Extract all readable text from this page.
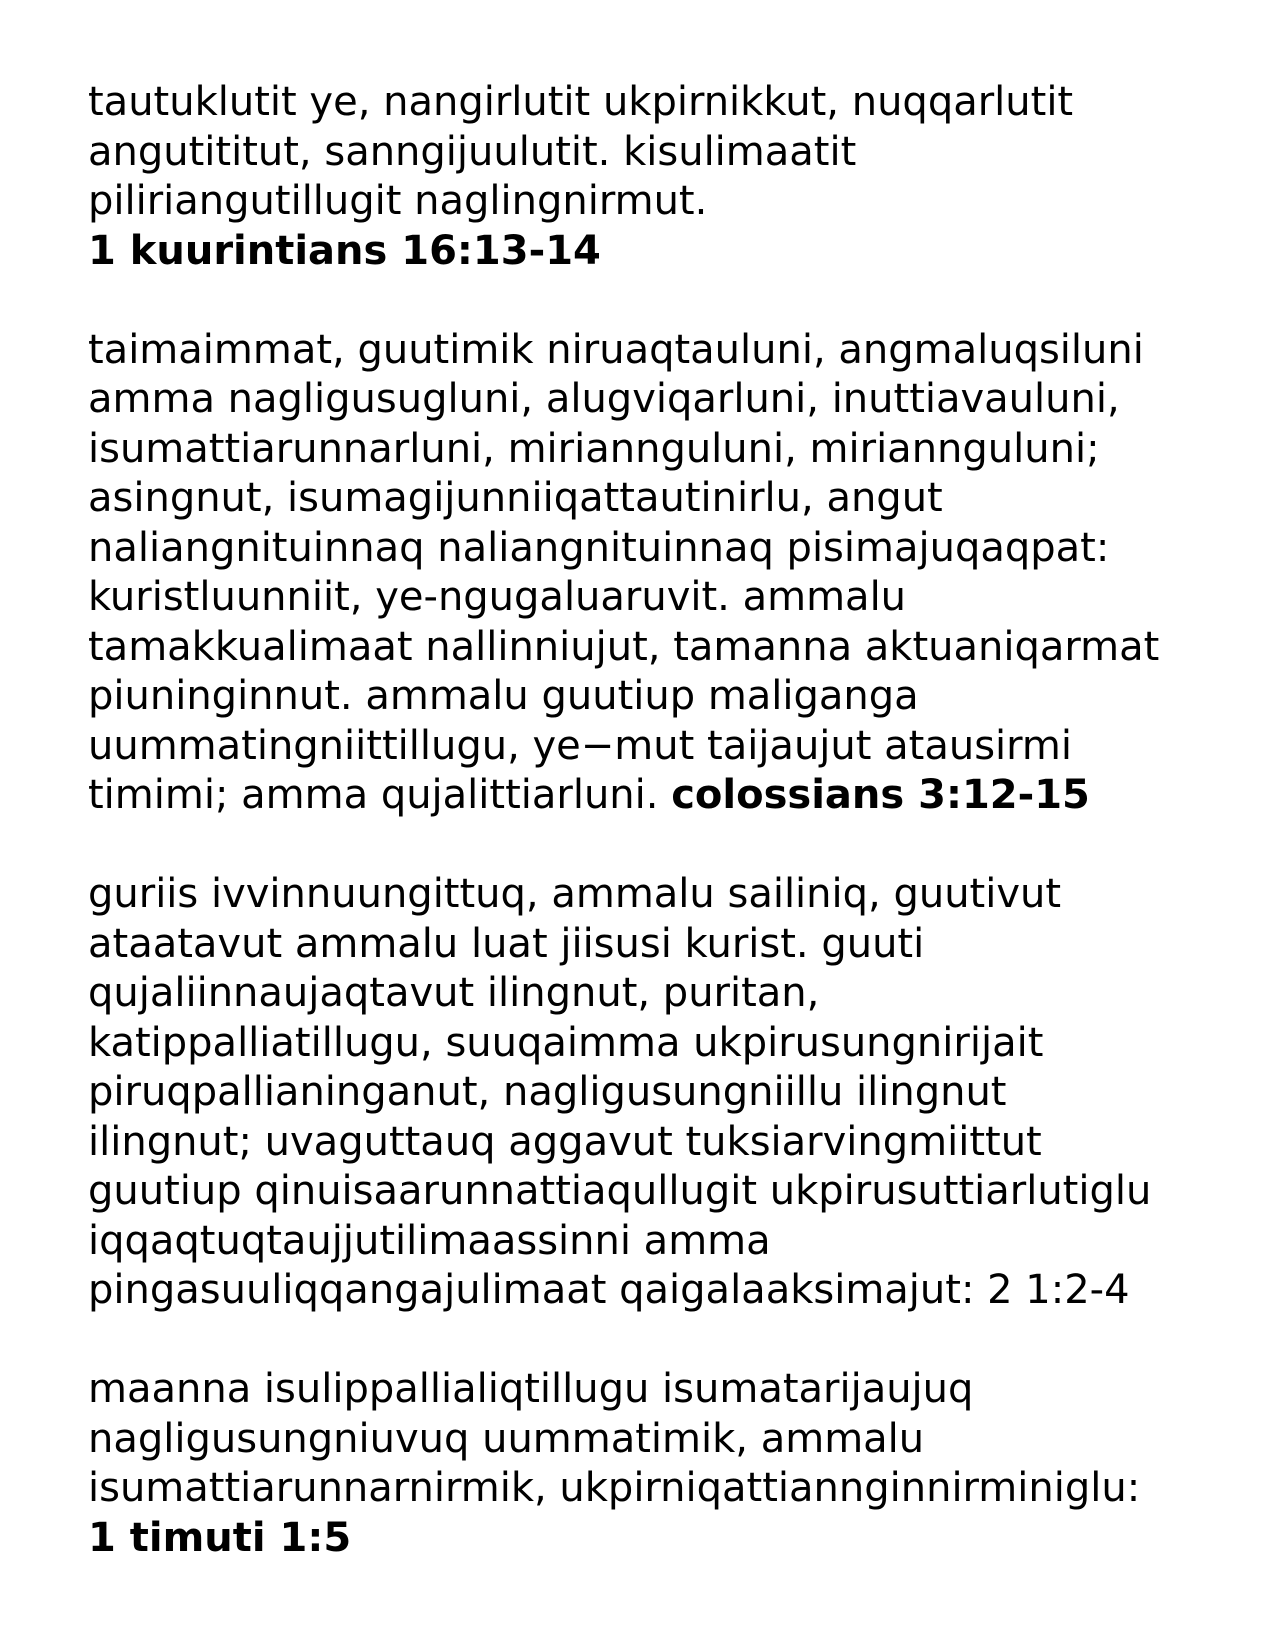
tautuklutit ye, nangirlutit ukpirnikkut, nuqqarlutit
angutititut, sanngijuulutit. kisulimaatit
piliriangutillugit naglingnirmut.
1 kuurintians 16:13-14
taimaimmat, guutimik niruaqtauluni, angmaluqsiluni
amma nagligusugluni, alugviqarluni, inuttiavauluni,
isumattiarunnarluni, miriannguluni, miriannguluni;
asingnut, isumagijunniiqattautinirlu, angut
naliangnituinnaq naliangnituinnaq pisimajuqaqpat:
kuristluunniit, ye-ngugaluaruvit. ammalu
tamakkualimaat nallinniujut, tamanna aktuaniqarmat
piuninginnut. ammalu guutiup maliganga
uummatingniittillugu, ye−mut taijaujut atausirmi
timimi; amma qujalittiarluni. colossians 3:12-15
guriis ivvinnuungittuq, ammalu sailiniq, guutivut
ataatavut ammalu luat jiisusi kurist. guuti
qujaliinnaujaqtavut ilingnut, puritan,
katippalliatillugu, suuqaimma ukpirusungnirijait
piruqpallianinganut, nagligusungniillu ilingnut
ilingnut; uvaguttauq aggavut tuksiarvingmiittut
guutiup qinuisaarunnattiaqullugit ukpirusuttiarlutiglu
iqqaqtuqtaujjutilimaassinni amma
pingasuuliqqangajulimaat qaigalaaksimajut: 2 1:2-4
maanna isulippallialiqtillugu isumatarijaujuq
nagligusungniuvuq uummatimik, ammalu
isumattiarunnarnirmik, ukpirniqattiannginnirminiglu:
1 timuti 1:5
